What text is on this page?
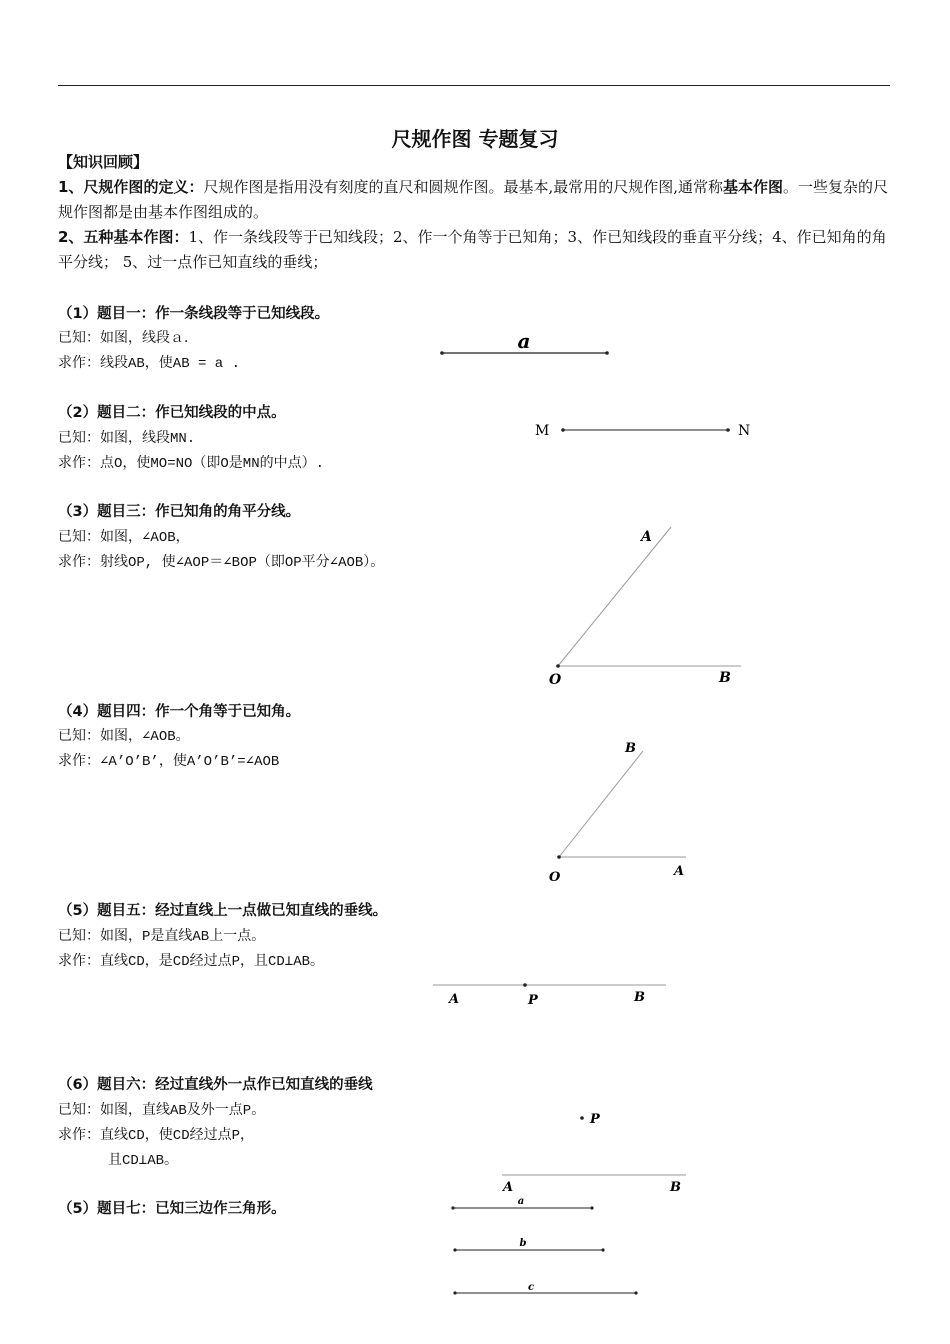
尺规作图 专题复习
【知识回顾】
1、尺规作图的定义：尺规作图是指用没有刻度的直尺和圆规作图。最基本,最常用的尺规作图,通常称基本作图。一些复杂的尺规作图都是由基本作图组成的。
2、五种基本作图：1、作一条线段等于已知线段；2、作一个角等于已知角；3、作已知线段的垂直平分线；4、作已知角的角平分线； 5、过一点作已知直线的垂线；
（1）题目一：作一条线段等于已知线段。
已知：如图，线段ａ．
求作：线段AB，使AB = a .
（2）题目二：作已知线段的中点。
已知：如图，线段MN.
求作：点O，使MO=NO（即O是MN的中点）.
（3）题目三：作已知角的角平分线。
已知：如图，∠AOB，
求作：射线OP, 使∠AOP＝∠BOP（即OP平分∠AOB）。
（4）题目四：作一个角等于已知角。
已知：如图，∠AOB。
求作：∠A’O’B’，使A’O’B’=∠AOB
（5）题目五：经过直线上一点做已知直线的垂线。
已知：如图，P是直线AB上一点。
求作：直线CD，是CD经过点P，且CD⊥AB。
（6）题目六：经过直线外一点作已知直线的垂线
已知：如图，直线AB及外一点P。
求作：直线CD，使CD经过点P，
且CD⊥AB。
（5）题目七：已知三边作三角形。
a
M	N
A
O	B
B
O	A
A	P	B
P
A	B
a
b
c
